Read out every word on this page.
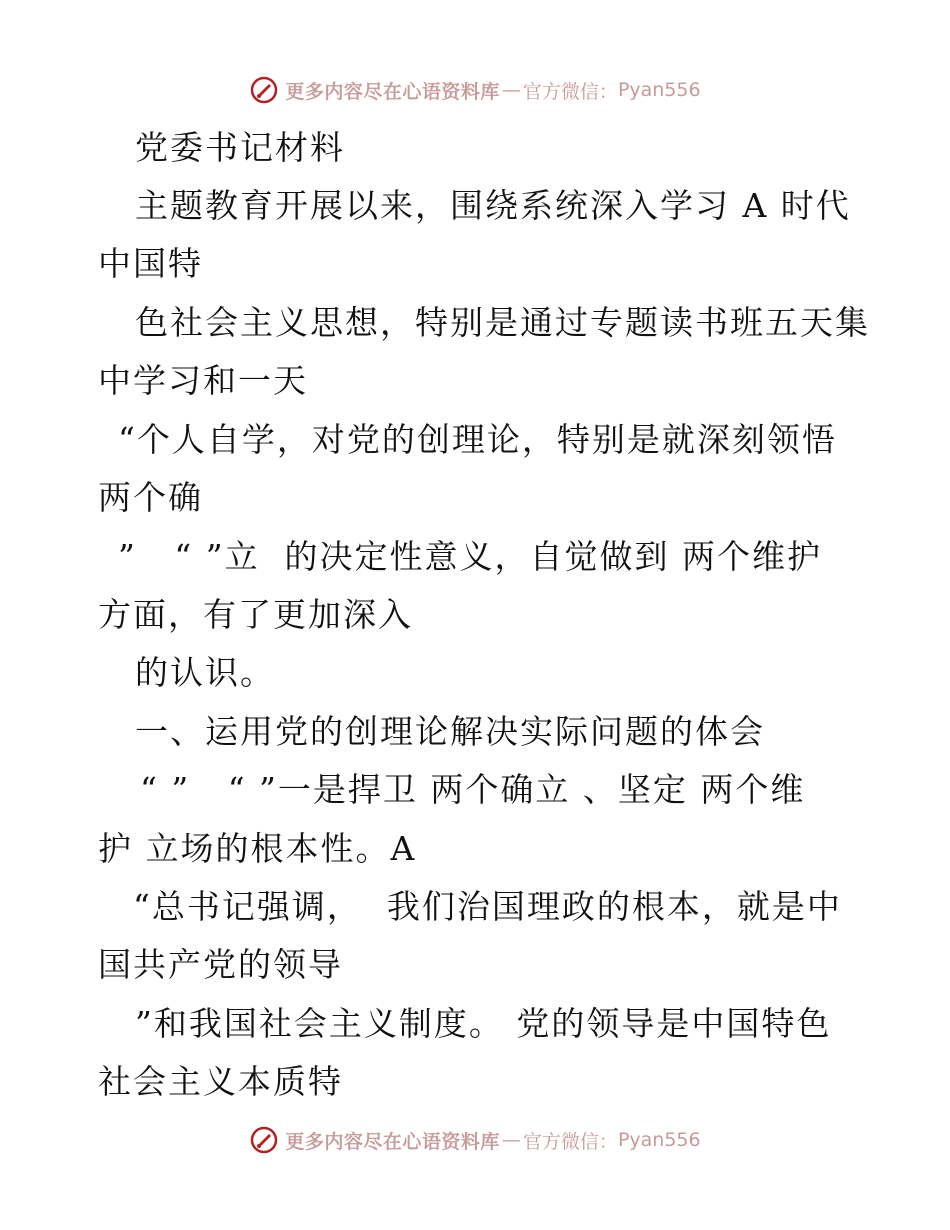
更多内容尽在心语资料库 — 官方微信： Pyan556
党委书记材料
主题教育开展以来，围绕系统深入学习 A 时代
中国特
色社会主义思想，特别是通过专题读书班五天集
中学习和一天
“个人自学，对党的创理论，特别是就深刻领悟
两个确
”   “ ”立  的决定性意义，自觉做到 两个维护
方面，有了更加深入
的认识。
一、运用党的创理论解决实际问题的体会
“ ”   “ ”一是捍卫 两个确立 、坚定 两个维
护 立场的根本性。A
“总书记强调，  我们治国理政的根本，就是中
国共产党的领导
”和我国社会主义制度。 党的领导是中国特色
社会主义本质特
更多内容尽在心语资料库 — 官方微信： Pyan556
